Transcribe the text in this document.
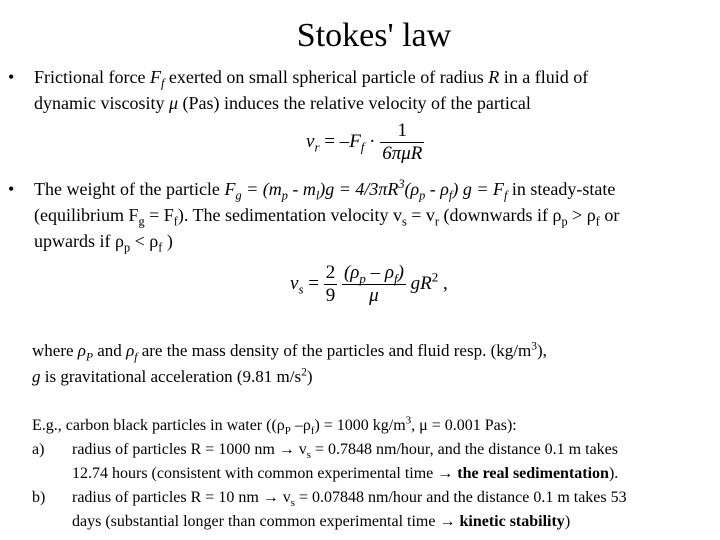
Stokes' law
• Frictional force $F_f$ exerted on small spherical particle of radius R in a fluid of
dynamic viscosity μ (Pas) induces the relative velocity of the partical
$v_r = -F_f \cdot \frac{1}{\text{6πμR}}$
• The weight of the particle $F_g = (m_p - m_l)g = 4/3\pi R^3(\rho_p - \rho_f) g = F_f$ in steady-state
(equilibrium $F_g = F_f$). The sedimentation velocity $v_s = v_r$ (downwards if $\rho_p > \rho_f$ or
upwards if $\rho_p < \rho_f$ )
$v_s = \frac{2}{9}$
$\frac{(\rho_p - \rho_f)}{\mu} gR^2$ ,
where $\rho_P$ and $\rho_f$ are the mass density of the particles and fluid resp. $(kg/m^3)$,
g is gravitational acceleration (9.81 $m/s^2$)
E.g., carbon black particles in water (($\rho_P$ $-\rho_f) = 1000$ $kg/m^3$, μ = 0.001 Pas):
a) radius of particles R = 1000 nm → $v_s = 0.7848$ nm/hour, and the distance 0.1 m takes
12.74 hours (consistent with common experimental time → the real sedimentation).
b) radius of particles R = 10 nm → $v_s = 0.07848$ nm/hour and the distance 0.1 m takes 53
days (substantial longer than common experimental time → kinetic stability)
